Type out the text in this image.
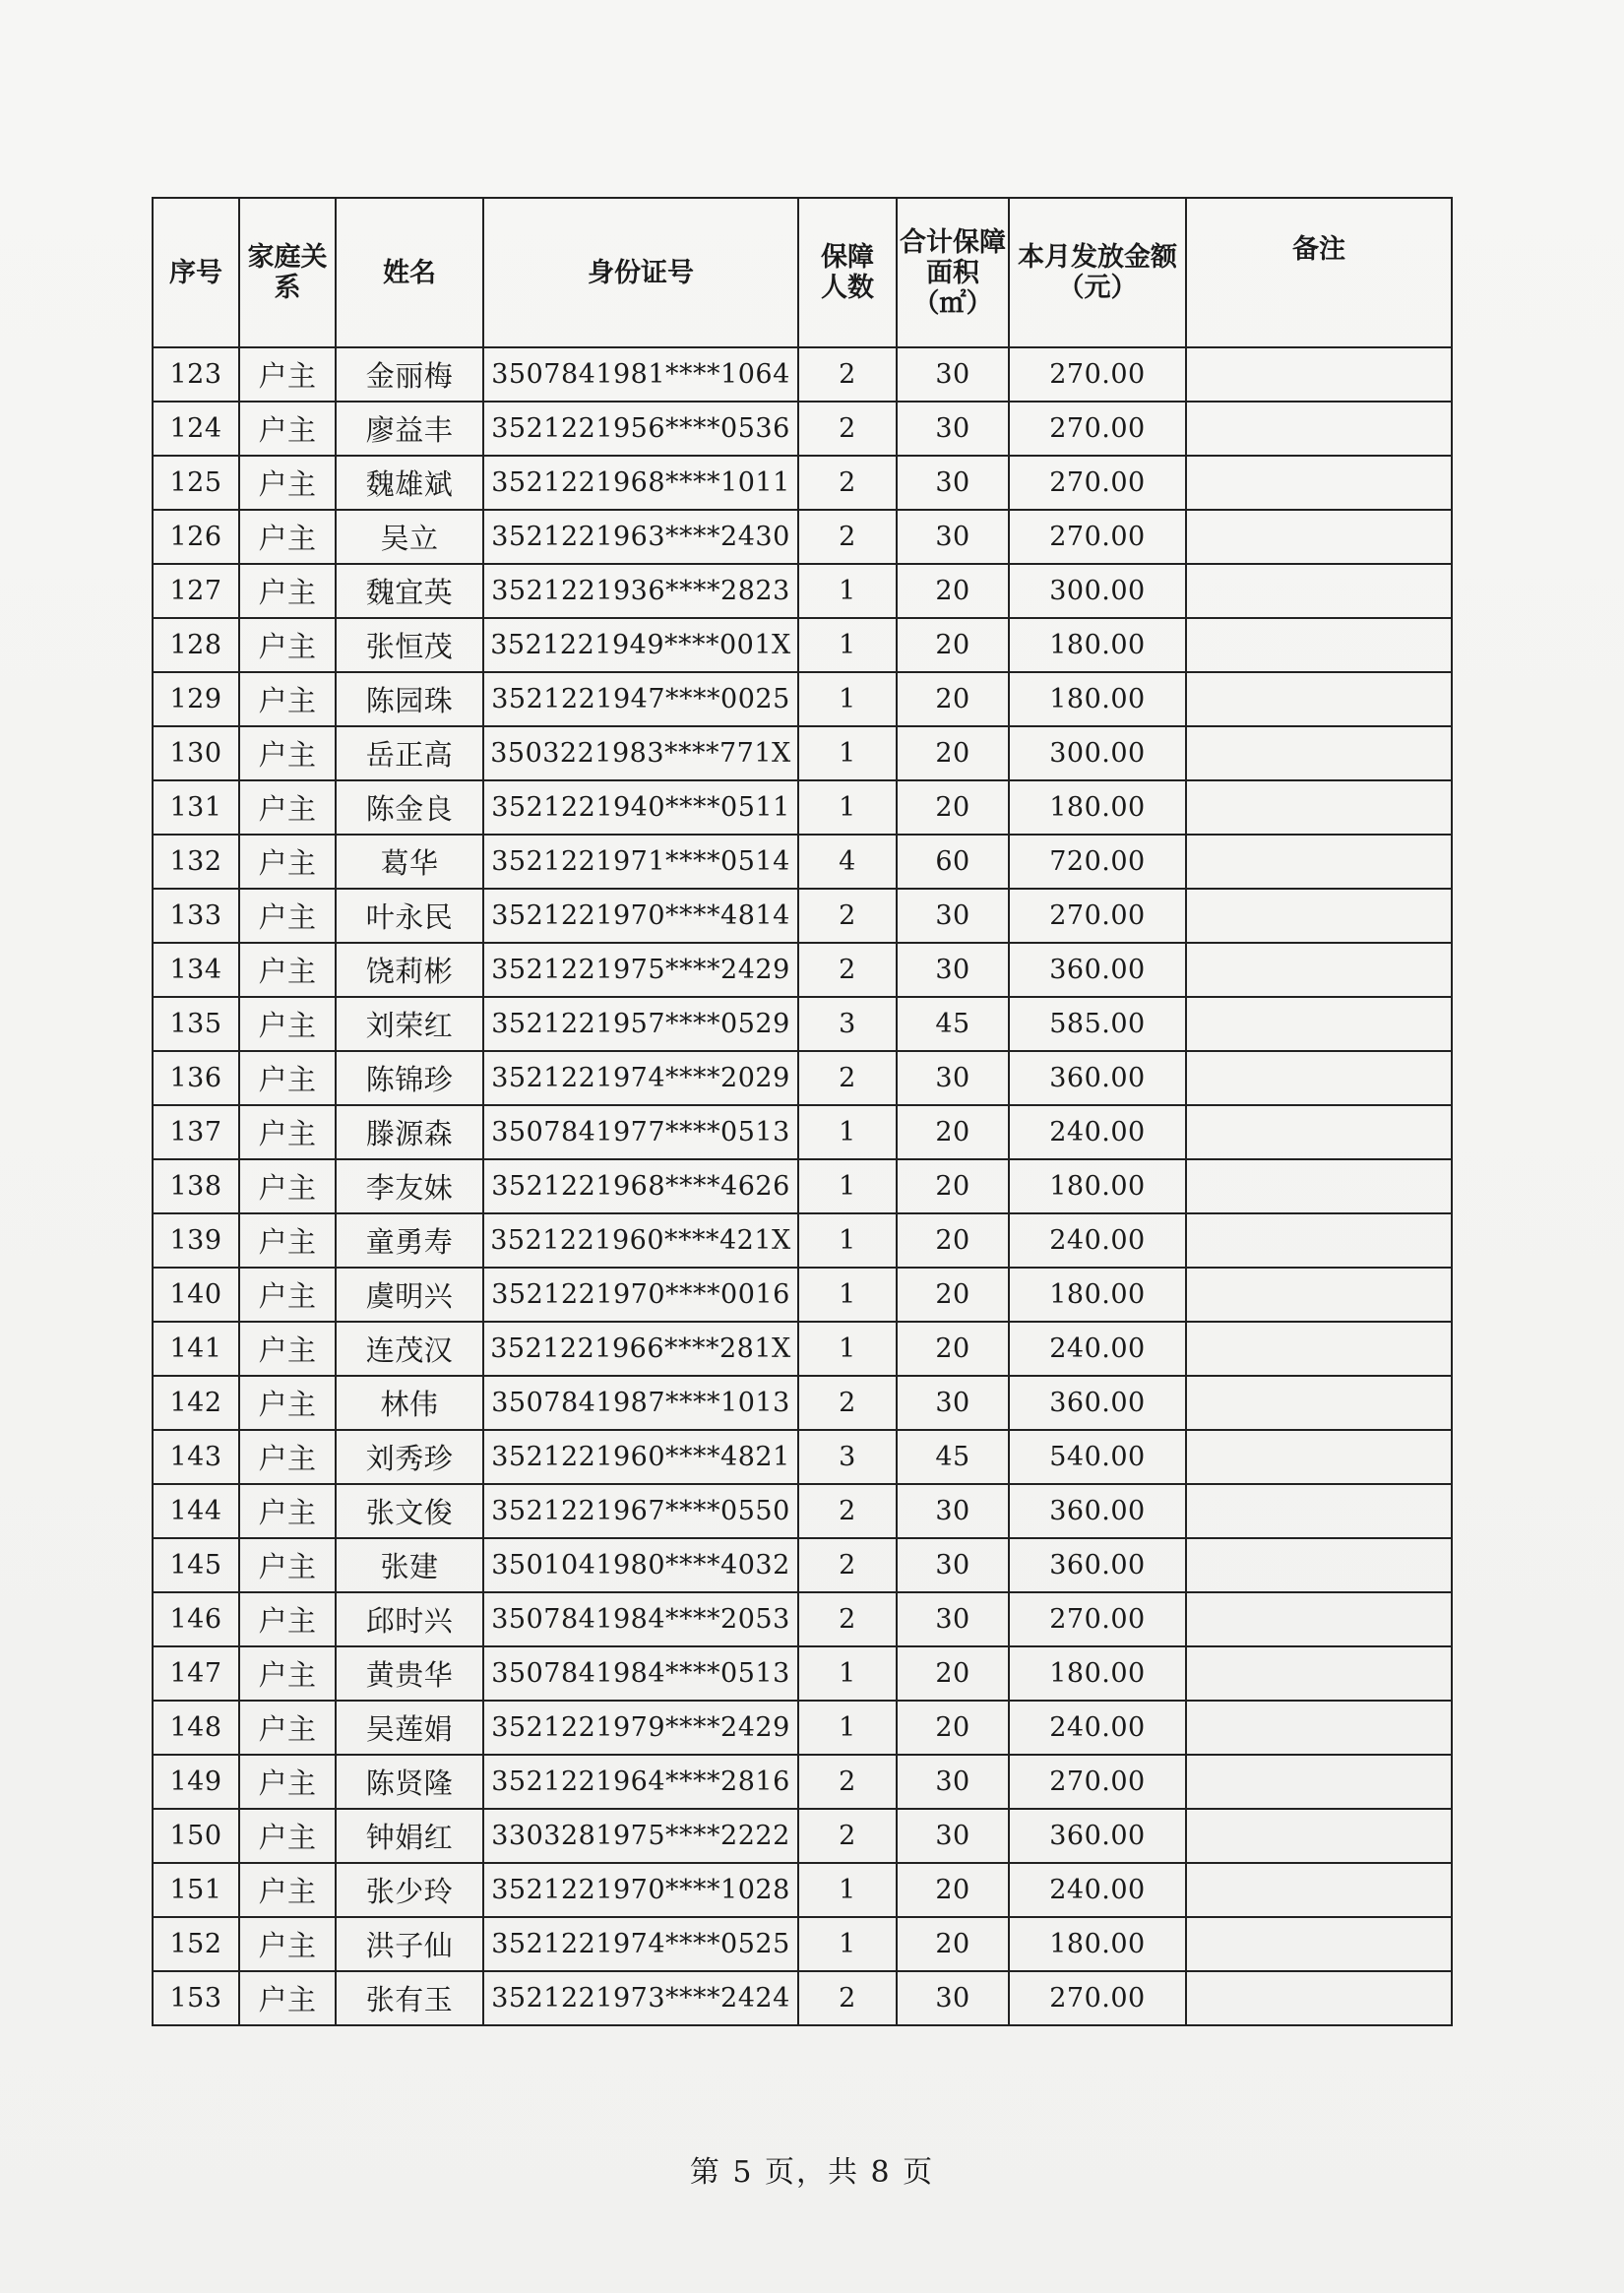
序号	家庭关系	姓名	身份证号	保障人数	合计保障面积（㎡）	本月发放金额（元）	备注
123	户主	金丽梅	3507841981****1064	2	30	270.00	
124	户主	廖益丰	3521221956****0536	2	30	270.00	
125	户主	魏雄斌	3521221968****1011	2	30	270.00	
126	户主	吴立	3521221963****2430	2	30	270.00	
127	户主	魏宜英	3521221936****2823	1	20	300.00	
128	户主	张恒茂	3521221949****001X	1	20	180.00	
129	户主	陈园珠	3521221947****0025	1	20	180.00	
130	户主	岳正高	3503221983****771X	1	20	300.00	
131	户主	陈金良	3521221940****0511	1	20	180.00	
132	户主	葛华	3521221971****0514	4	60	720.00	
133	户主	叶永民	3521221970****4814	2	30	270.00	
134	户主	饶莉彬	3521221975****2429	2	30	360.00	
135	户主	刘荣红	3521221957****0529	3	45	585.00	
136	户主	陈锦珍	3521221974****2029	2	30	360.00	
137	户主	滕源森	3507841977****0513	1	20	240.00	
138	户主	李友妹	3521221968****4626	1	20	180.00	
139	户主	童勇寿	3521221960****421X	1	20	240.00	
140	户主	虞明兴	3521221970****0016	1	20	180.00	
141	户主	连茂汉	3521221966****281X	1	20	240.00	
142	户主	林伟	3507841987****1013	2	30	360.00	
143	户主	刘秀珍	3521221960****4821	3	45	540.00	
144	户主	张文俊	3521221967****0550	2	30	360.00	
145	户主	张建	3501041980****4032	2	30	360.00	
146	户主	邱时兴	3507841984****2053	2	30	270.00	
147	户主	黄贵华	3507841984****0513	1	20	180.00	
148	户主	吴莲娟	3521221979****2429	1	20	240.00	
149	户主	陈贤隆	3521221964****2816	2	30	270.00	
150	户主	钟娟红	3303281975****2222	2	30	360.00	
151	户主	张少玲	3521221970****1028	1	20	240.00	
152	户主	洪子仙	3521221974****0525	1	20	180.00	
153	户主	张有玉	3521221973****2424	2	30	270.00	
第 5 页，共 8 页
